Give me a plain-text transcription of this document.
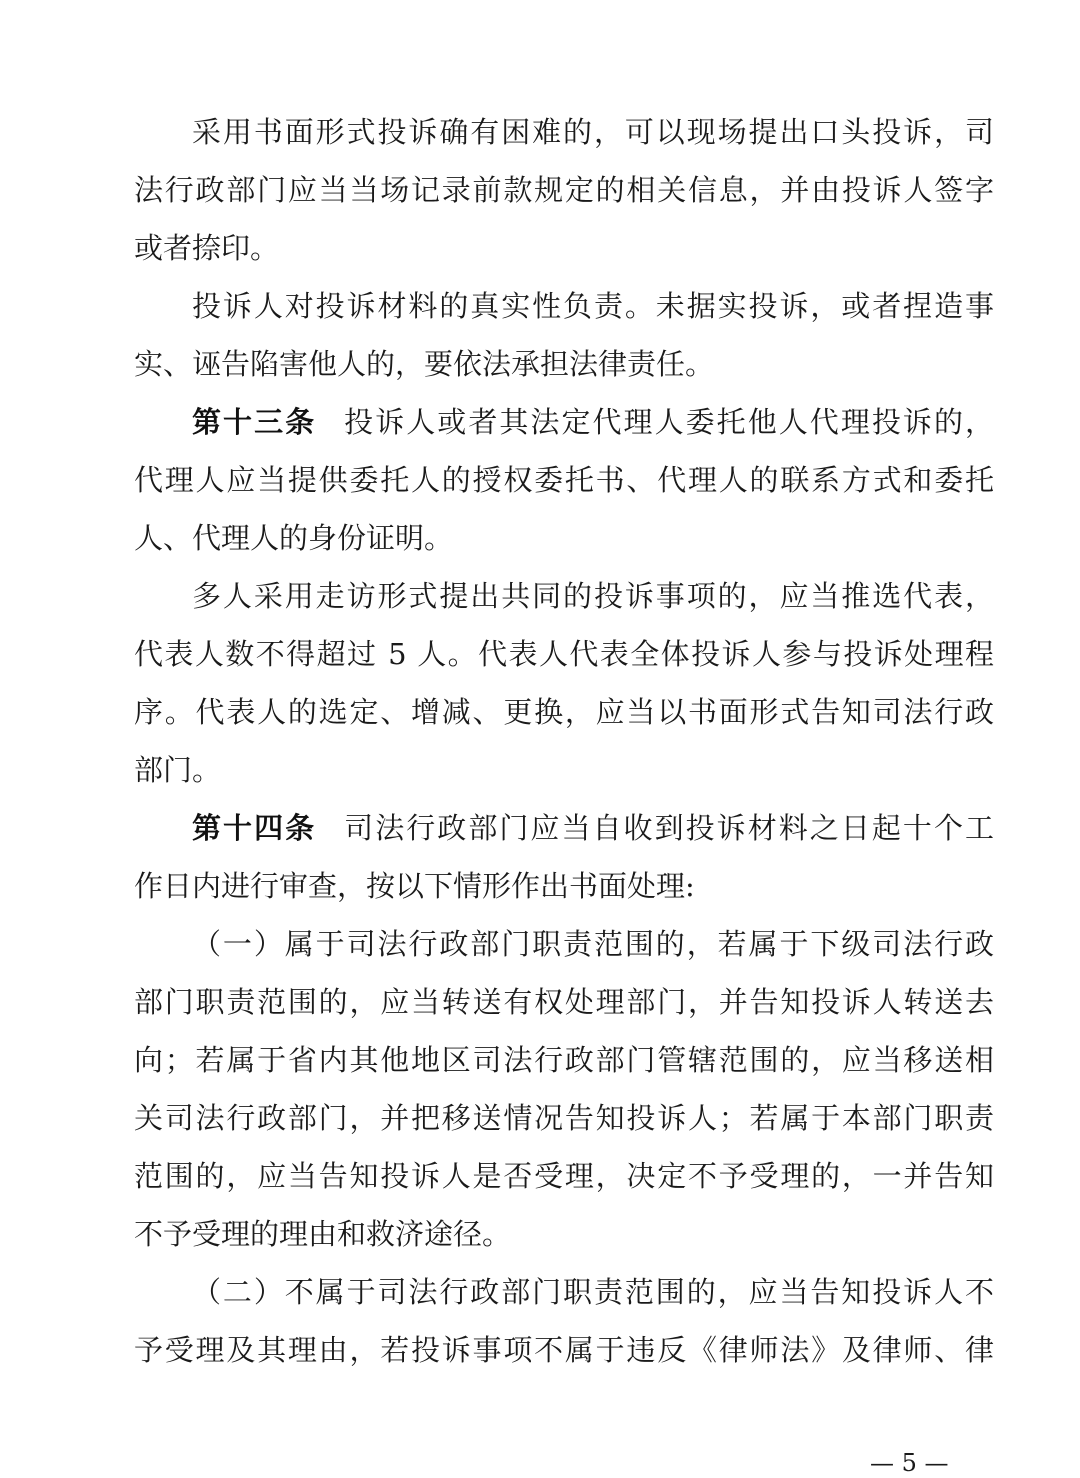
采用书面形式投诉确有困难的，可以现场提出口头投诉，司
法行政部门应当当场记录前款规定的相关信息，并由投诉人签字
或者捺印。
投诉人对投诉材料的真实性负责。未据实投诉，或者捏造事
实、诬告陷害他人的，要依法承担法律责任。
第十三条 投诉人或者其法定代理人委托他人代理投诉的，
代理人应当提供委托人的授权委托书、代理人的联系方式和委托
人、代理人的身份证明。
多人采用走访形式提出共同的投诉事项的，应当推选代表，
代表人数不得超过 5 人。代表人代表全体投诉人参与投诉处理程
序。代表人的选定、增减、更换，应当以书面形式告知司法行政
部门。
第十四条 司法行政部门应当自收到投诉材料之日起十个工
作日内进行审查，按以下情形作出书面处理:
（一）属于司法行政部门职责范围的，若属于下级司法行政
部门职责范围的，应当转送有权处理部门，并告知投诉人转送去
向；若属于省内其他地区司法行政部门管辖范围的，应当移送相
关司法行政部门，并把移送情况告知投诉人；若属于本部门职责
范围的，应当告知投诉人是否受理，决定不予受理的，一并告知
不予受理的理由和救济途径。
（二）不属于司法行政部门职责范围的，应当告知投诉人不
予受理及其理由，若投诉事项不属于违反《律师法》及律师、律
— 5 —
